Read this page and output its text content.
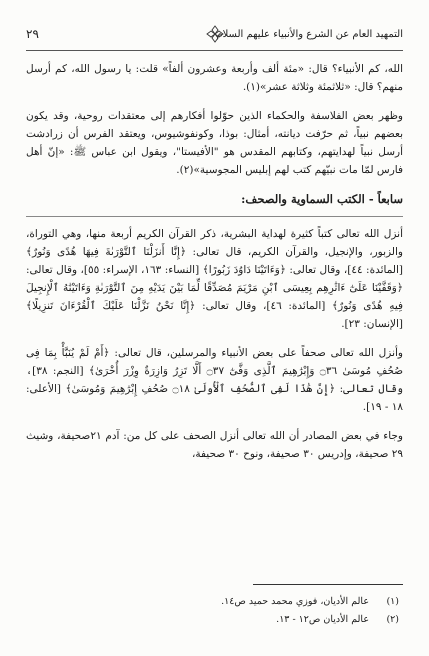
التمهيد العام عن الشرع والأنبياء عليهم السلام
٢٩

الله، كم الأنبياء؟ قال: «مئة ألف وأربعة وعشرون ألفاً» قلت: يا رسول الله، كم أرسل منهم؟ قال: «ثلاثمئة وثلاثة عشر»(١).

وظهر بعض الفلاسفة والحكماء الذين حوّلوا أفكارهم إلى معتقدات روحية، وقد يكون بعضهم نبياً، ثم حرّفت ديانته، أمثال: بوذا، وكونفوشيوس، ويعتقد الفرس أن زرادشت أرسل نبياً لهدايتهم، وكتابهم المقدس هو "الأفيستا"، ويقول ابن عباس ﷺ: «إنّ أهل فارس لمّا مات نبيّهم كتب لهم إبليس المجوسية»(٢).

سابعاً - الكتب السماوية والصحف:

أنزل الله تعالى كتباً كثيرة لهداية البشرية، ذكر القرآن الكريم أربعة منها، وهي التوراة، والزبور، والإنجيل، والقرآن الكريم، قال تعالى: ﴿إِنَّا أَنزَلْنَا ٱلتَّوْرَىٰةَ فِيهَا هُدًى وَنُورٌ﴾ [المائدة: ٤٤]، وقال تعالى: ﴿وَءَاتَيْنَا دَاوُدَ زَبُورًا﴾ [النساء: ١٦٣، الإسراء: ٥٥]، وقال تعالى: ﴿وَقَفَّيْنَا عَلَىٰٓ ءَاثَٰرِهِم بِعِيسَى ٱبْنِ مَرْيَمَ مُصَدِّقًا لِّمَا بَيْنَ يَدَيْهِ مِنَ ٱلتَّوْرَىٰةِ وَءَاتَيْنَٰهُ ٱلْإِنجِيلَ فِيهِ هُدًى وَنُورٌ﴾ [المائدة: ٤٦]، وقال تعالى: ﴿إِنَّا نَحْنُ نَزَّلْنَا عَلَيْكَ ٱلْقُرْءَانَ تَنزِيلًا﴾ [الإنسان: ٢٣].

وأنزل الله تعالى صحفاً على بعض الأنبياء والمرسلين، قال تعالى: ﴿أَمْ لَمْ يُنَبَّأْ بِمَا فِى صُحُفِ مُوسَىٰ ۝٣٦ وَإِبْرَٰهِيمَ ٱلَّذِى وَفَّىٰٓ ۝٣٧ أَلَّا تَزِرُ وَازِرَةٌ وِزْرَ أُخْرَىٰ﴾ [النجم: ٣٨]، وقال تعالى: ﴿إِنَّ هَٰذَا لَفِى ٱلصُّحُفِ ٱلْأُولَىٰ ۝١٨ صُحُفِ إِبْرَٰهِيمَ وَمُوسَىٰ﴾ [الأعلى: ١٨ - ١٩].

وجاء في بعض المصادر أن الله تعالى أنزل الصحف على كل من: آدم ٢١صحيفة، وشيث ٢٩ صحيفة، وإدريس ٣٠ صحيفة، ونوح ٣٠ صحيفة،

(١)
عالم الأديان، فوزي محمد حميد ص١٤.
(٢)
عالم الأديان ص١٢ - ١٣.
